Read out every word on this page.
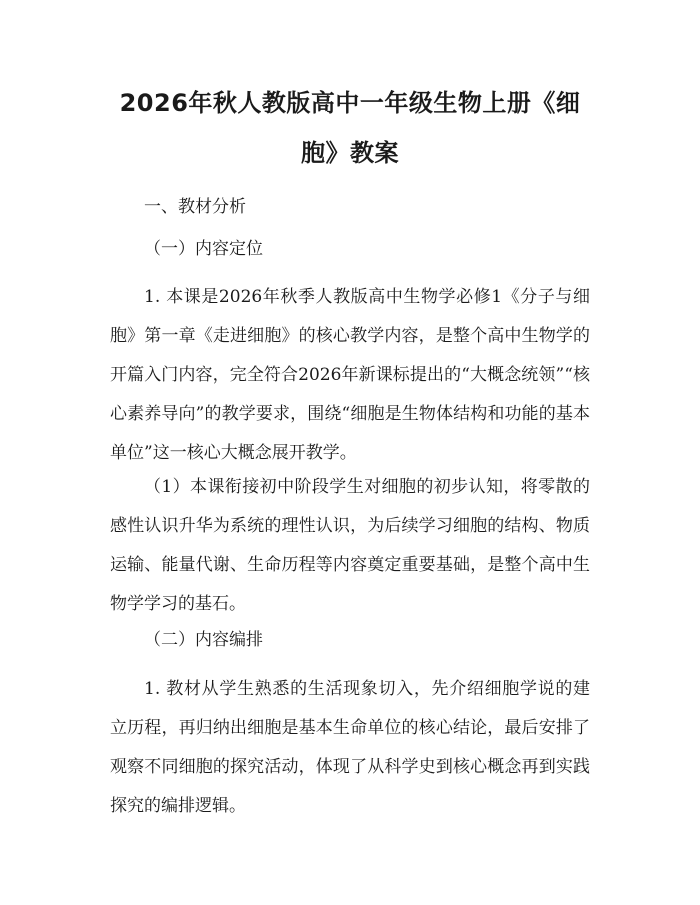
2026年秋人教版高中一年级生物上册《细胞》教案

一、教材分析

（一）内容定位

1. 本课是2026年秋季人教版高中生物学必修1《分子与细胞》第一章《走进细胞》的核心教学内容，是整个高中生物学的开篇入门内容，完全符合2026年新课标提出的“大概念统领”“核心素养导向”的教学要求，围绕“细胞是生物体结构和功能的基本单位”这一核心大概念展开教学。

（1）本课衔接初中阶段学生对细胞的初步认知，将零散的感性认识升华为系统的理性认识，为后续学习细胞的结构、物质运输、能量代谢、生命历程等内容奠定重要基础，是整个高中生物学学习的基石。

（二）内容编排

1. 教材从学生熟悉的生活现象切入，先介绍细胞学说的建立历程，再归纳出细胞是基本生命单位的核心结论，最后安排了观察不同细胞的探究活动，体现了从科学史到核心概念再到实践探究的编排逻辑。
